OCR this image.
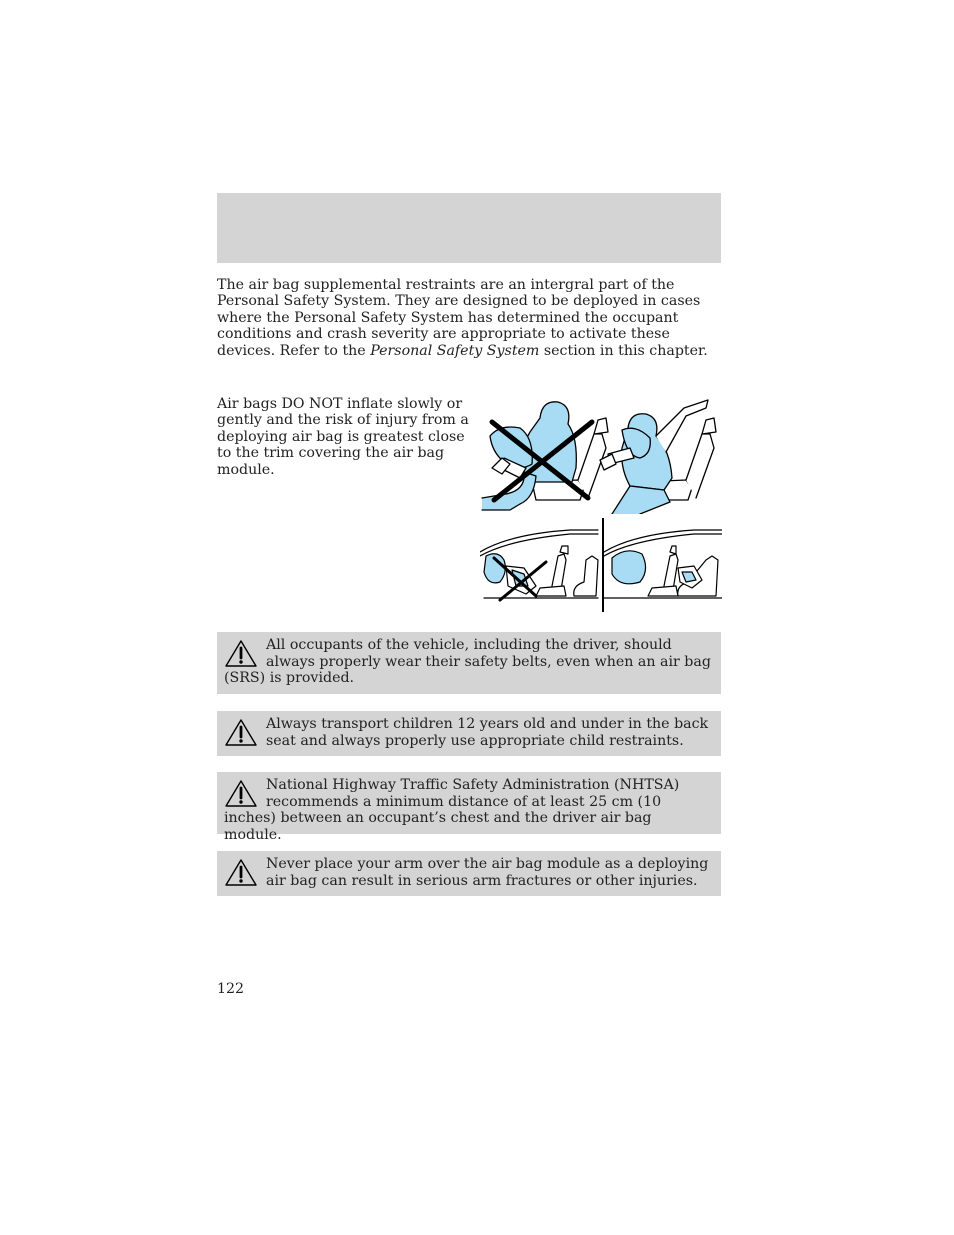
The air bag supplemental restraints are an intergral part of the Personal Safety System. They are designed to be deployed in cases where the Personal Safety System has determined the occupant conditions and crash severity are appropriate to activate these devices. Refer to the Personal Safety System section in this chapter.

Air bags DO NOT inflate slowly or gently and the risk of injury from a deploying air bag is greatest close to the trim covering the air bag module.

All occupants of the vehicle, including the driver, should always properly wear their safety belts, even when an air bag (SRS) is provided.
Always transport children 12 years old and under in the back seat and always properly use appropriate child restraints.
National Highway Traffic Safety Administration (NHTSA) recommends a minimum distance of at least 25 cm (10 inches) between an occupant’s chest and the driver air bag module.
Never place your arm over the air bag module as a deploying air bag can result in serious arm fractures or other injuries.
122
